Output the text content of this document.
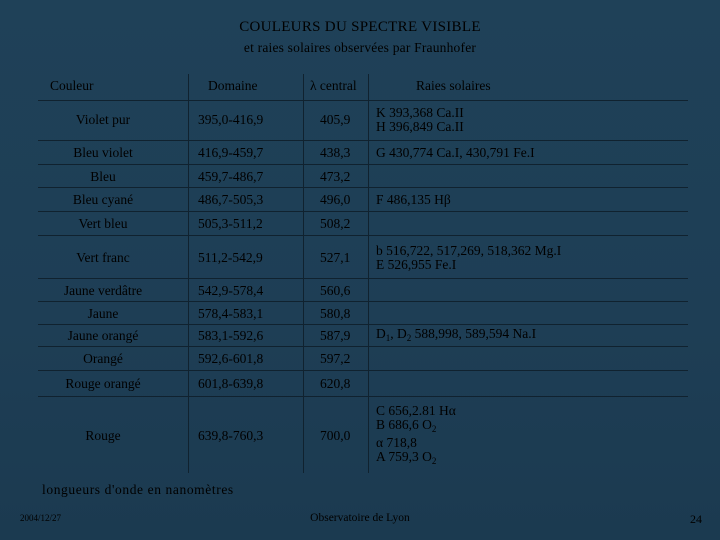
COULEURS DU SPECTRE VISIBLE
et raies solaires observées par Fraunhofer
Couleur	Domaine	λ central	Raies solaires
Violet pur	395,0-416,9	405,9	K 393,368 Ca.II
H 396,849 Ca.II
Bleu violet	416,9-459,7	438,3	G 430,774 Ca.I, 430,791 Fe.I
Bleu	459,7-486,7	473,2
Bleu cyané	486,7-505,3	496,0	F 486,135 Hβ
Vert bleu	505,3-511,2	508,2
Vert franc	511,2-542,9	527,1	b 516,722, 517,269, 518,362 Mg.I
E 526,955 Fe.I
Jaune verdâtre	542,9-578,4	560,6
Jaune	578,4-583,1	580,8
Jaune orangé	583,1-592,6	587,9	$D_1$, $D_2$ 588,998, 589,594 Na.I
Orangé	592,6-601,8	597,2
Rouge orangé	601,8-639,8	620,8
Rouge	639,8-760,3	700,0
C 656,2.81 Hα
B 686,6 $O_2$
α 718,8
A 759,3 $O_2$
longueurs d'onde en nanomètres
2004/12/27	Observatoire de Lyon	24
